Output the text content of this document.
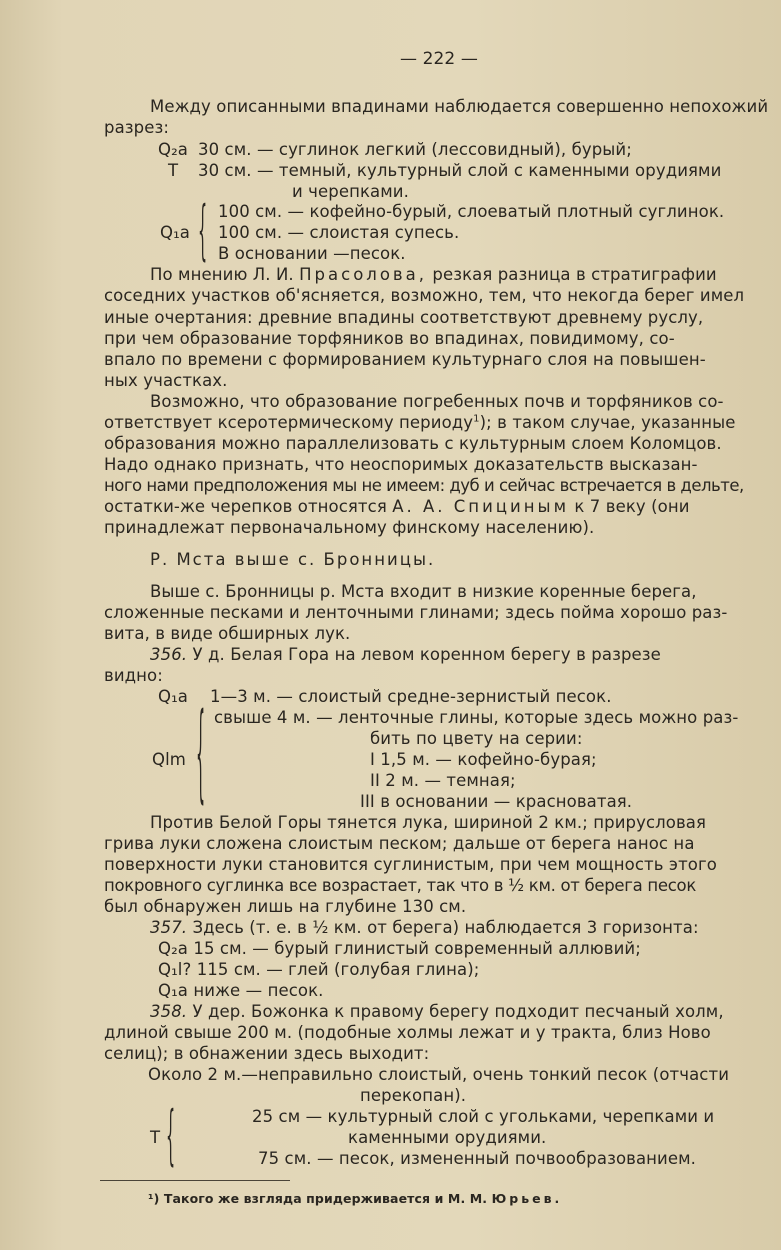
— 222 —
Между описанными впадинами наблюдается совершенно непохожий
разрез:
Q₂a 30 см. — суглинок легкий (лессовидный), бурый;
T 30 см. — темный, культурный слой с каменными орудиями
и черепками.
100 см. — кофейно-бурый, слоеватый плотный суглинок.
Q₁a { 100 см. — слоистая супесь.
В основании —песок.
По мнению Л. И. Прасолова, резкая разница в стратиграфии
соседних участков об'ясняется, возможно, тем, что некогда берег имел
иные очертания: древние впадины соответствуют древнему руслу,
при чем образование торфяников во впадинах, повидимому, со-
впало по времени с формированием культурнаго слоя на повышен-
ных участках.
Возможно, что образование погребенных почв и торфяников со-
ответствует ксеротермическому периоду$^1$); в таком случае, указанные
образования можно параллелизовать с культурным слоем Коломцов.
Надо однако признать, что неоспоримых доказательств высказан-
ного нами предположения мы не имеем: дуб и сейчас встречается в дельте,
остатки-же черепков относятся А. А. Спициным к 7 веку (они
принадлежат первоначальному финскому населению).
Р. Мста выше с. Бронницы.
Выше с. Бронницы р. Мста входит в низкие коренные берега,
сложенные песками и ленточными глинами; здесь пойма хорошо раз-
вита, в виде обширных лук.
356. У д. Белая Гора на левом коренном берегу в разрезе
видно:
Q₁a 1—3 м. — слоистый средне-зернистый песок.
свыше 4 м. — ленточные глины, которые здесь можно раз-
бить по цвету на серии:
Qlm {	I 1,5 м. — кофейно-бурая;
II 2 м. — темная;
III в основании — красноватая.
Против Белой Горы тянется лука, шириной 2 км.; прирусловая
грива луки сложена слоистым песком; дальше от берега нанос на
поверхности луки становится суглинистым, при чем мощность этого
покровного суглинка все возрастает, так что в ½ км. от берега песок
был обнаружен лишь на глубине 130 см.
357. Здесь (т. е. в ½ км. от берега) наблюдается 3 горизонта:
Q₂a 15 см. — бурый глинистый современный аллювий;
Q₁l? 115 см. — глей (голубая глина);
Q₁a ниже — песок.
358. У дер. Божонка к правому берегу подходит песчаный холм,
длиной свыше 200 м. (подобные холмы лежат и у тракта, близ Ново
селиц); в обнажении здесь выходит:
Около 2 м.—неправильно слоистый, очень тонкий песок (отчасти
перекопан).
25 см — культурный слой с угольками, черепками и
T {	каменными орудиями.
75 см. — песок, измененный почвообразованием.
¹) Такого же взгляда придерживается и М. М. Юрьев.
